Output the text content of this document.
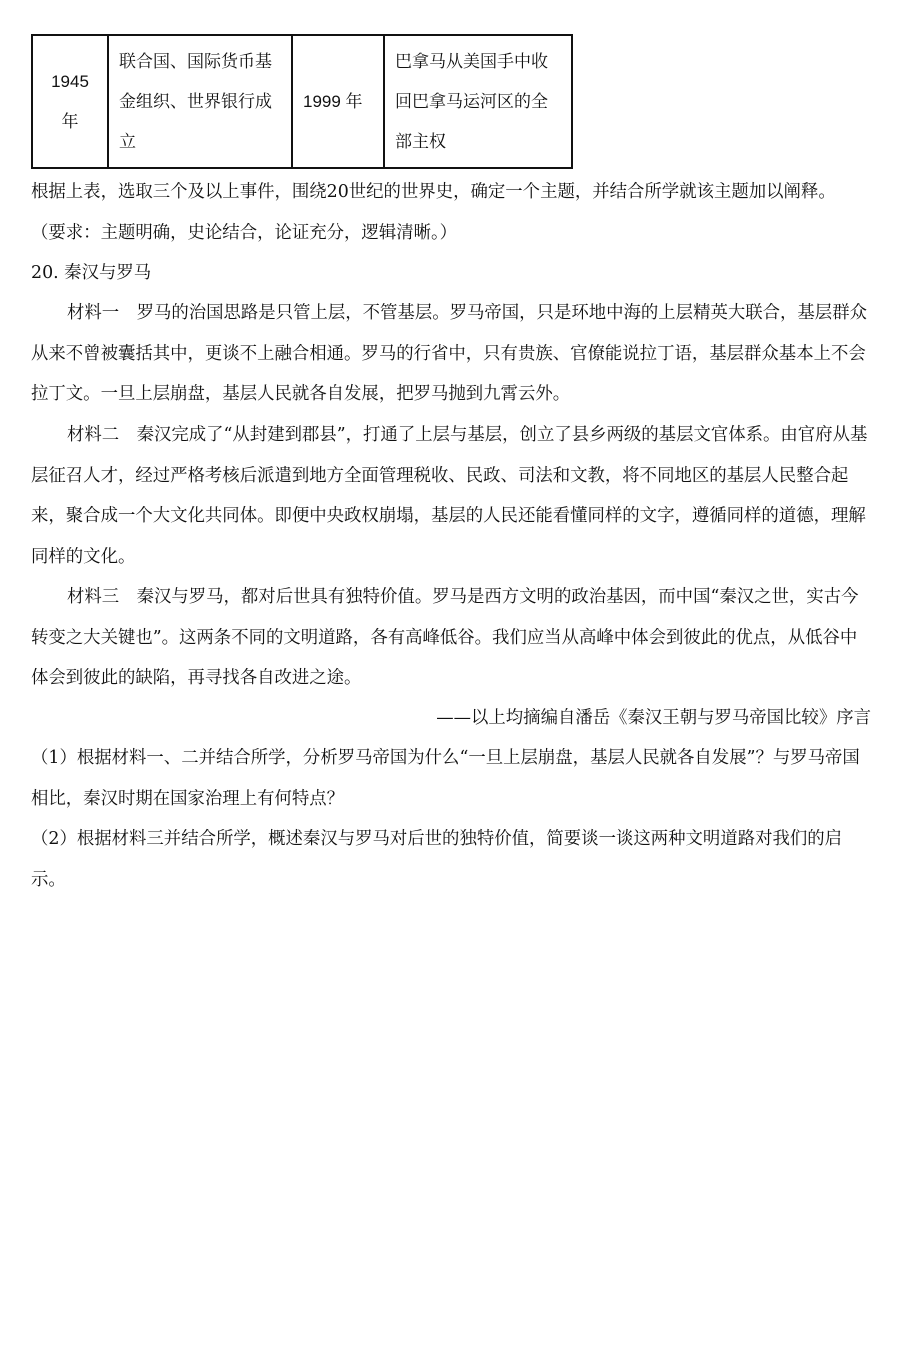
1945 年	联合国、国际货币基金组织、世界银行成立	1999 年	巴拿马从美国手中收回巴拿马运河区的全部主权
根据上表，选取三个及以上事件，围绕20世纪的世界史，确定一个主题，并结合所学就该主题加以阐释。
（要求：主题明确，史论结合，论证充分，逻辑清晰。）
20. 秦汉与罗马
材料一　罗马的治国思路是只管上层，不管基层。罗马帝国，只是环地中海的上层精英大联合，基层群众从来不曾被囊括其中，更谈不上融合相通。罗马的行省中，只有贵族、官僚能说拉丁语，基层群众基本上不会拉丁文。一旦上层崩盘，基层人民就各自发展，把罗马抛到九霄云外。
材料二　秦汉完成了“从封建到郡县”，打通了上层与基层，创立了县乡两级的基层文官体系。由官府从基层征召人才，经过严格考核后派遣到地方全面管理税收、民政、司法和文教，将不同地区的基层人民整合起来，聚合成一个大文化共同体。即便中央政权崩塌，基层的人民还能看懂同样的文字，遵循同样的道德，理解同样的文化。
材料三　秦汉与罗马，都对后世具有独特价值。罗马是西方文明的政治基因，而中国“秦汉之世，实古今转变之大关键也”。这两条不同的文明道路，各有高峰低谷。我们应当从高峰中体会到彼此的优点，从低谷中体会到彼此的缺陷，再寻找各自改进之途。
——以上均摘编自潘岳《秦汉王朝与罗马帝国比较》序言
（1）根据材料一、二并结合所学，分析罗马帝国为什么“一旦上层崩盘，基层人民就各自发展”？与罗马帝国相比，秦汉时期在国家治理上有何特点？
（2）根据材料三并结合所学，概述秦汉与罗马对后世的独特价值，简要谈一谈这两种文明道路对我们的启示。
